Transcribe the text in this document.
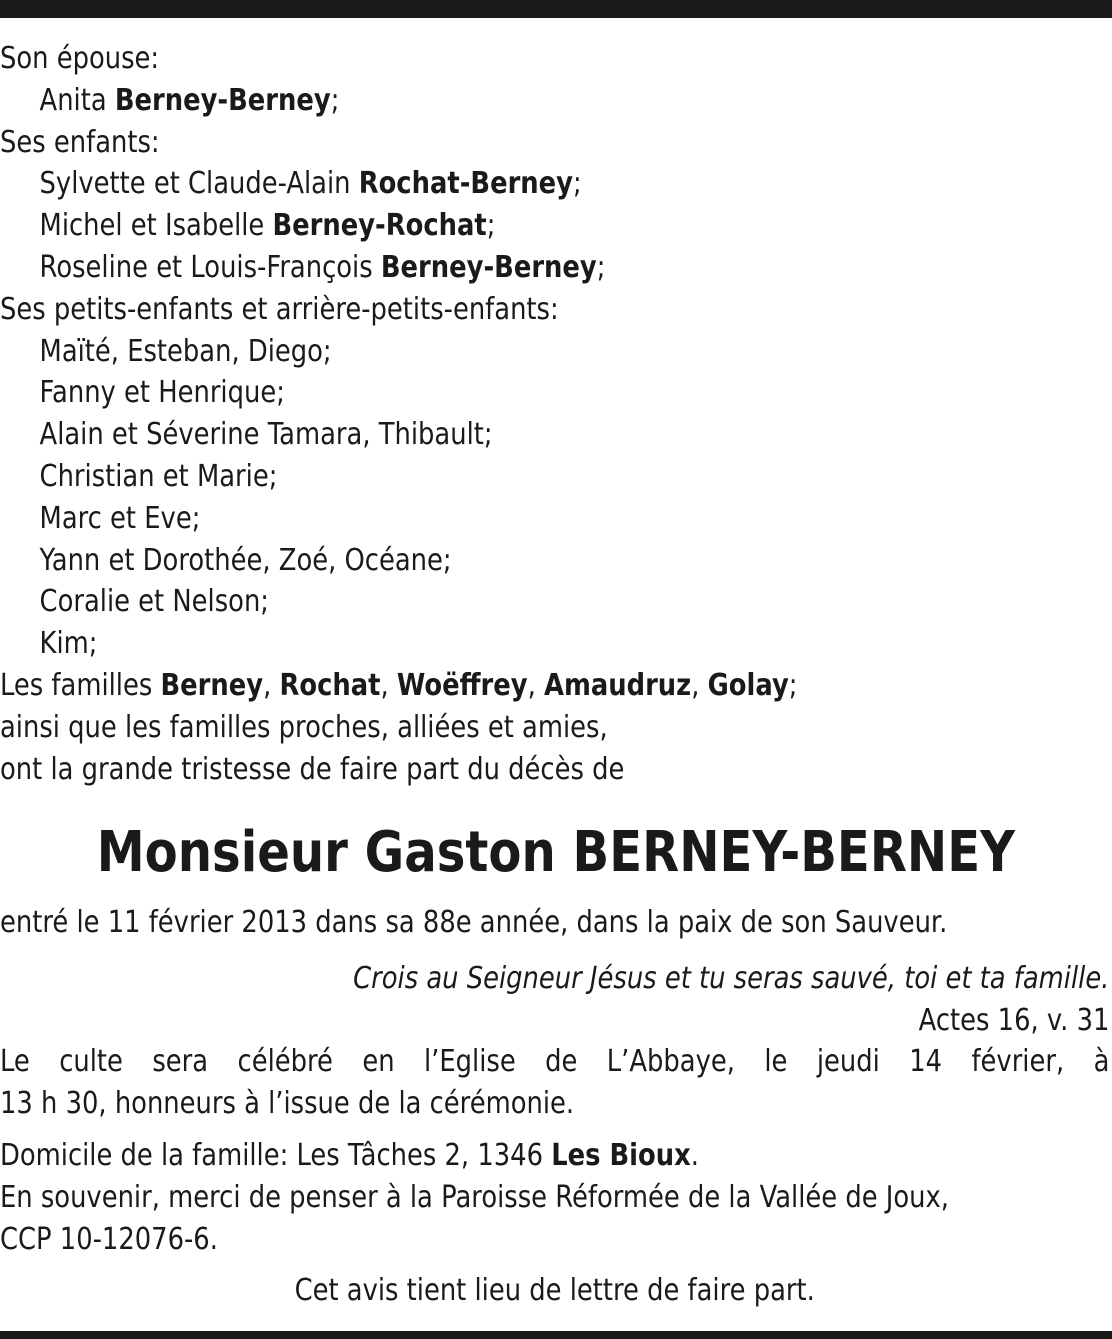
Son épouse:
Anita Berney-Berney;
Ses enfants:
Sylvette et Claude-Alain Rochat-Berney;
Michel et Isabelle Berney-Rochat;
Roseline et Louis-François Berney-Berney;
Ses petits-enfants et arrière-petits-enfants:
Maïté, Esteban, Diego;
Fanny et Henrique;
Alain et Séverine Tamara, Thibault;
Christian et Marie;
Marc et Eve;
Yann et Dorothée, Zoé, Océane;
Coralie et Nelson;
Kim;
Les familles Berney, Rochat, Woëffrey, Amaudruz, Golay;
ainsi que les familles proches, alliées et amies,
ont la grande tristesse de faire part du décès de
Monsieur Gaston BERNEY-BERNEY
entré le 11 février 2013 dans sa 88e année, dans la paix de son Sauveur.
Crois au Seigneur Jésus et tu seras sauvé, toi et ta famille.
Actes 16, v. 31
Le culte sera célébré en l’Eglise de L’Abbaye, le jeudi 14 février, à
13 h 30, honneurs à l’issue de la cérémonie.
Domicile de la famille: Les Tâches 2, 1346 Les Bioux.
En souvenir, merci de penser à la Paroisse Réformée de la Vallée de Joux,
CCP 10-12076-6.
Cet avis tient lieu de lettre de faire part.
